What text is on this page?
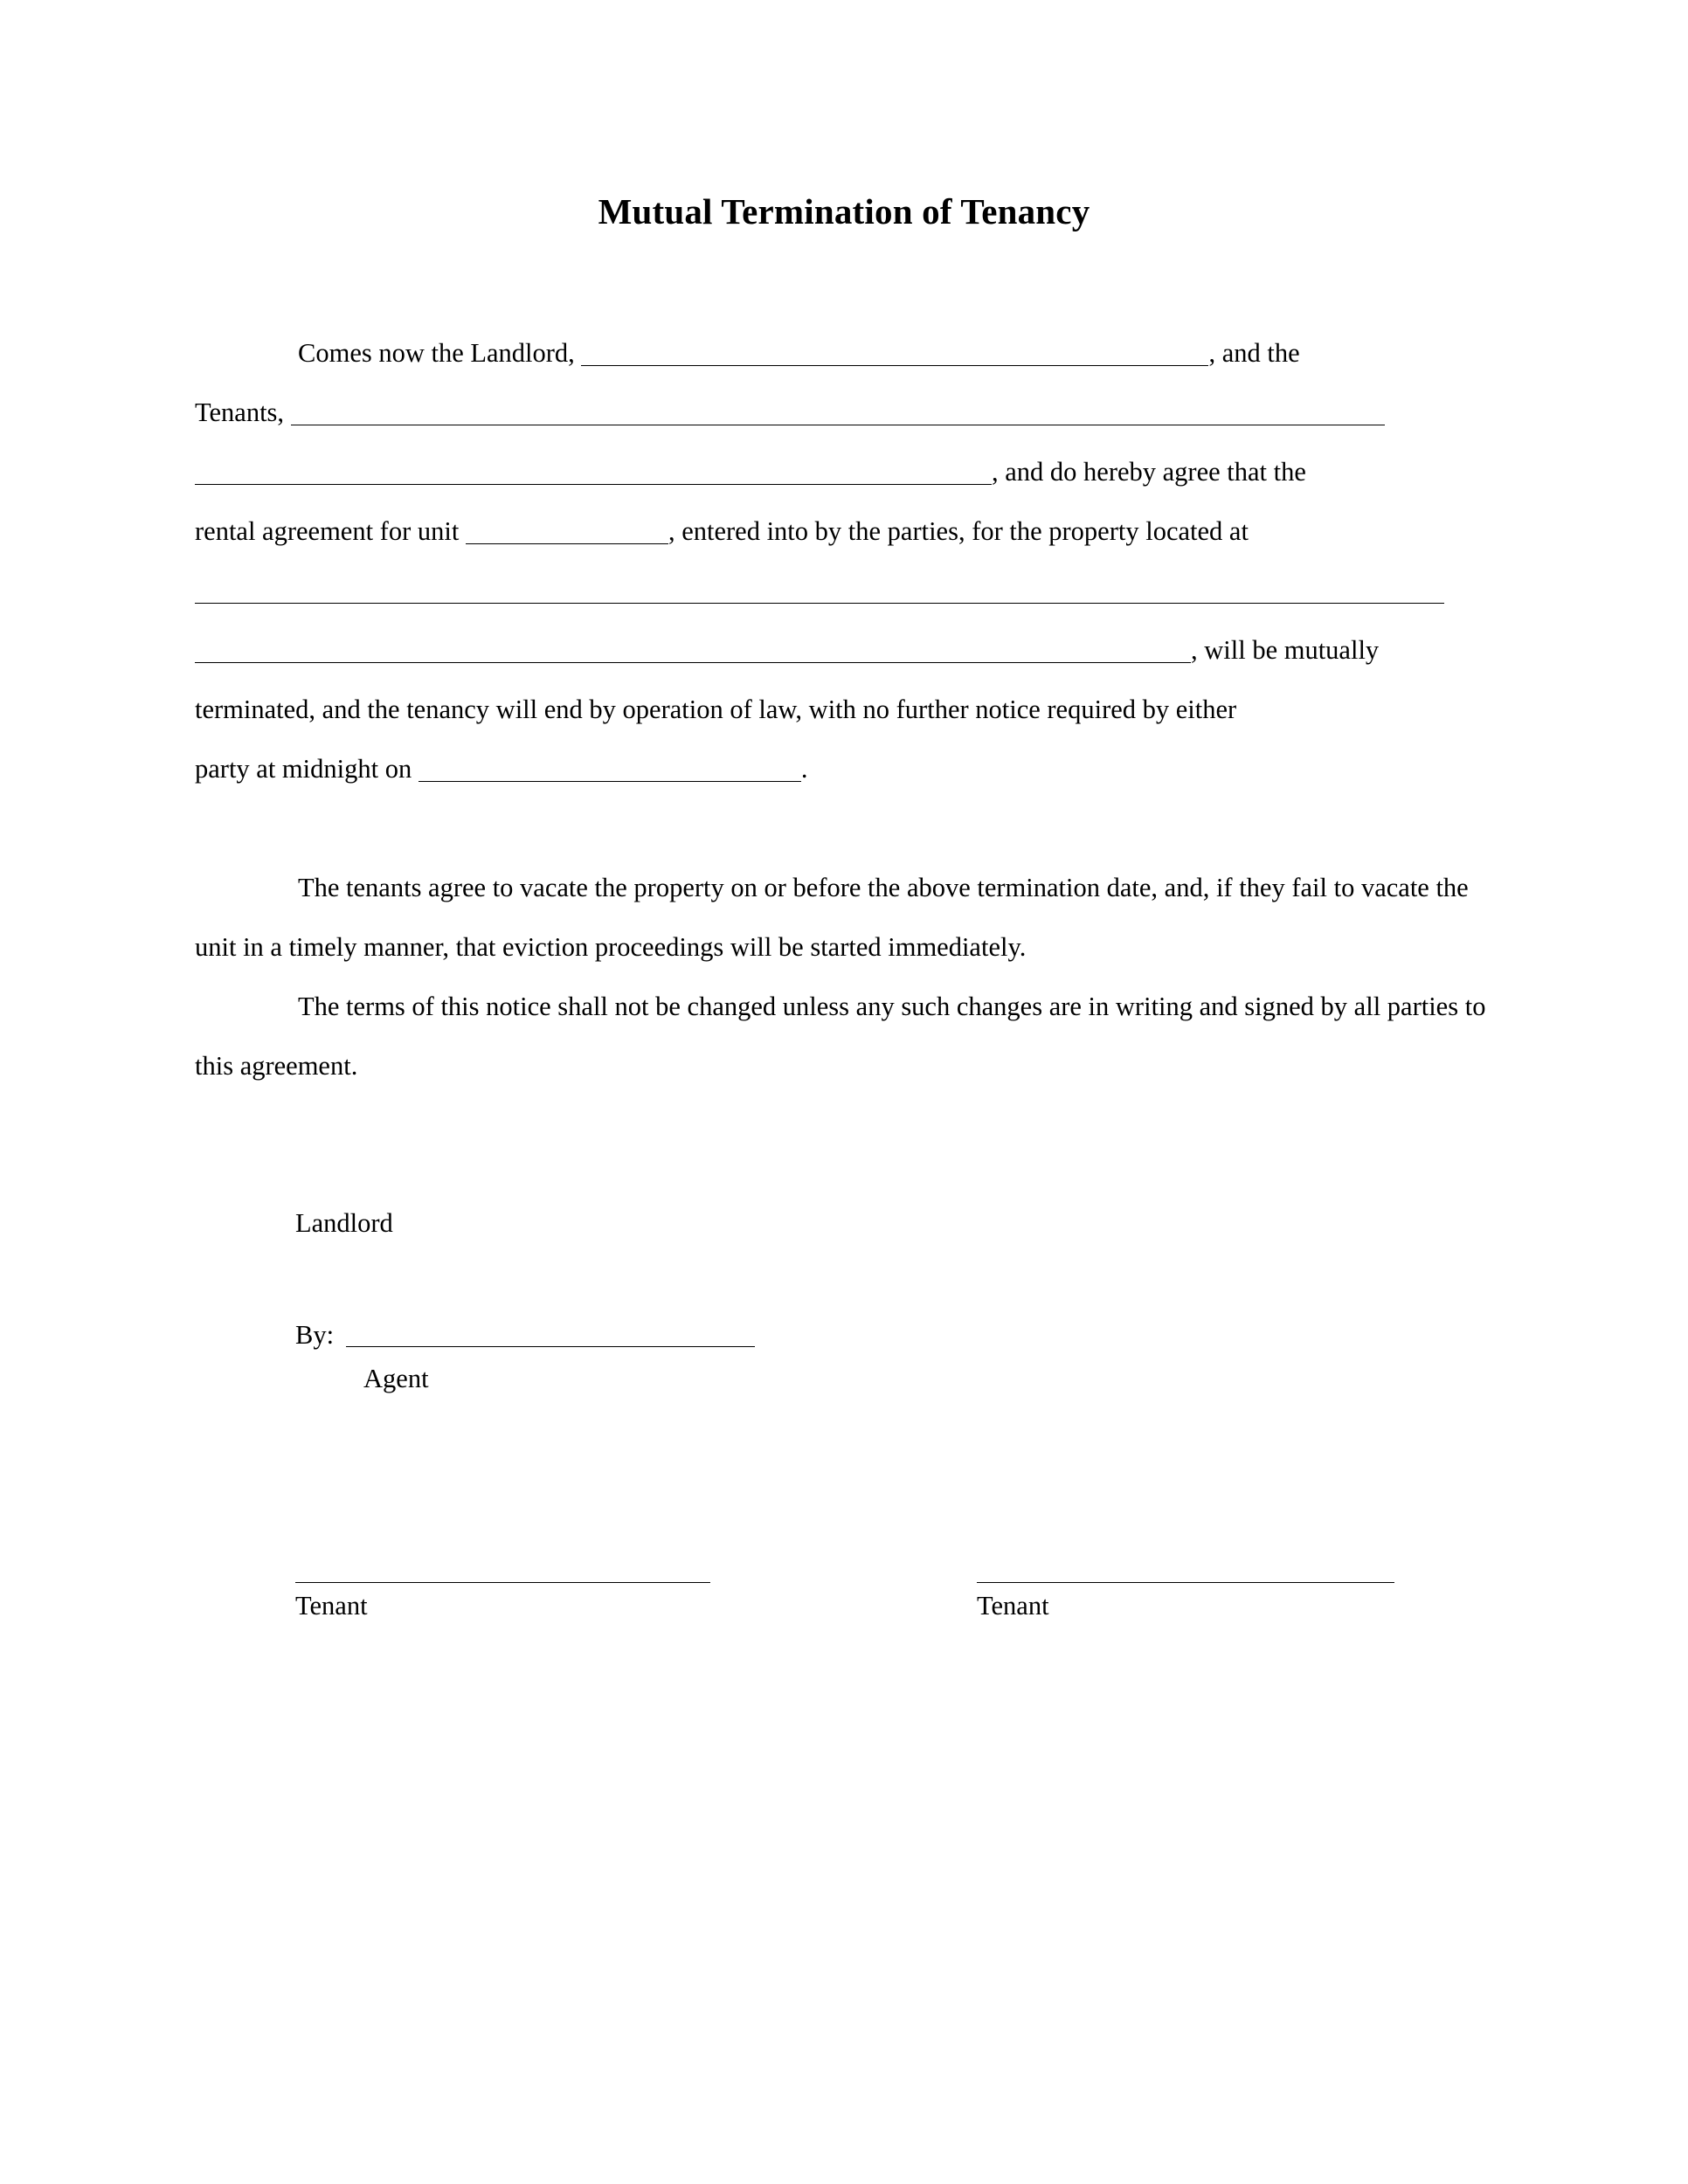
Mutual Termination of Tenancy

Comes now the Landlord,	, and the
Tenants,
, and do hereby agree that the
rental agreement for unit	, entered into by the parties, for the property located at

, will be mutually
terminated, and the tenancy will end by operation of law, with no further notice required by either
party at midnight on	.

The tenants agree to vacate the property on or before the above termination date, and, if they fail to vacate the unit in a timely manner, that eviction proceedings will be started immediately.

The terms of this notice shall not be changed unless any such changes are in writing and signed by all parties to this agreement.

Landlord
By:
Agent
Tenant	Tenant
